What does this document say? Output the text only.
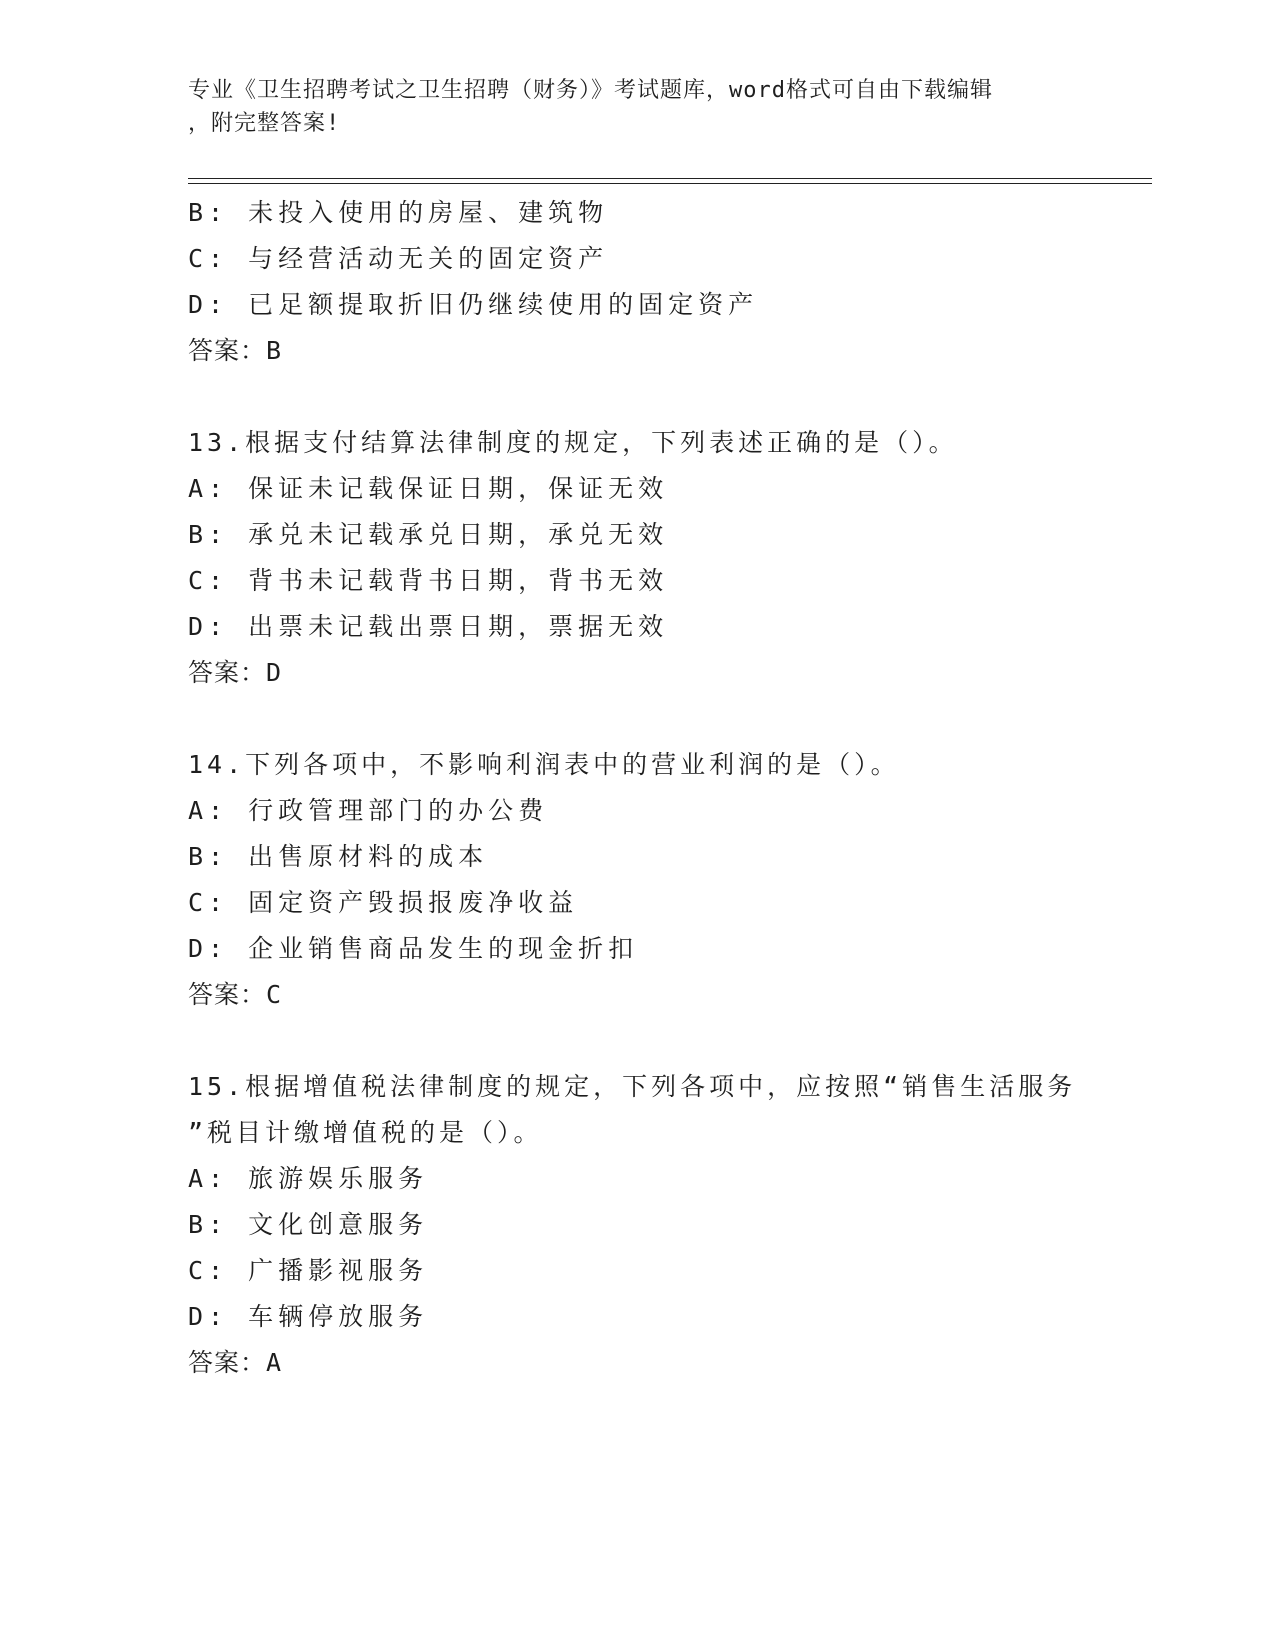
专业《卫生招聘考试之卫生招聘（财务）》考试题库，word格式可自由下载编辑
，附完整答案!
B: 未投入使用的房屋、建筑物
C: 与经营活动无关的固定资产
D: 已足额提取折旧仍继续使用的固定资产
答案：B
13.根据支付结算法律制度的规定，下列表述正确的是（）。
A: 保证未记载保证日期，保证无效
B: 承兑未记载承兑日期，承兑无效
C: 背书未记载背书日期，背书无效
D: 出票未记载出票日期，票据无效
答案：D
14.下列各项中，不影响利润表中的营业利润的是（）。
A: 行政管理部门的办公费
B: 出售原材料的成本
C: 固定资产毁损报废净收益
D: 企业销售商品发生的现金折扣
答案：C
15.根据增值税法律制度的规定，下列各项中，应按照“销售生活服务
”税目计缴增值税的是（）。
A: 旅游娱乐服务
B: 文化创意服务
C: 广播影视服务
D: 车辆停放服务
答案：A
